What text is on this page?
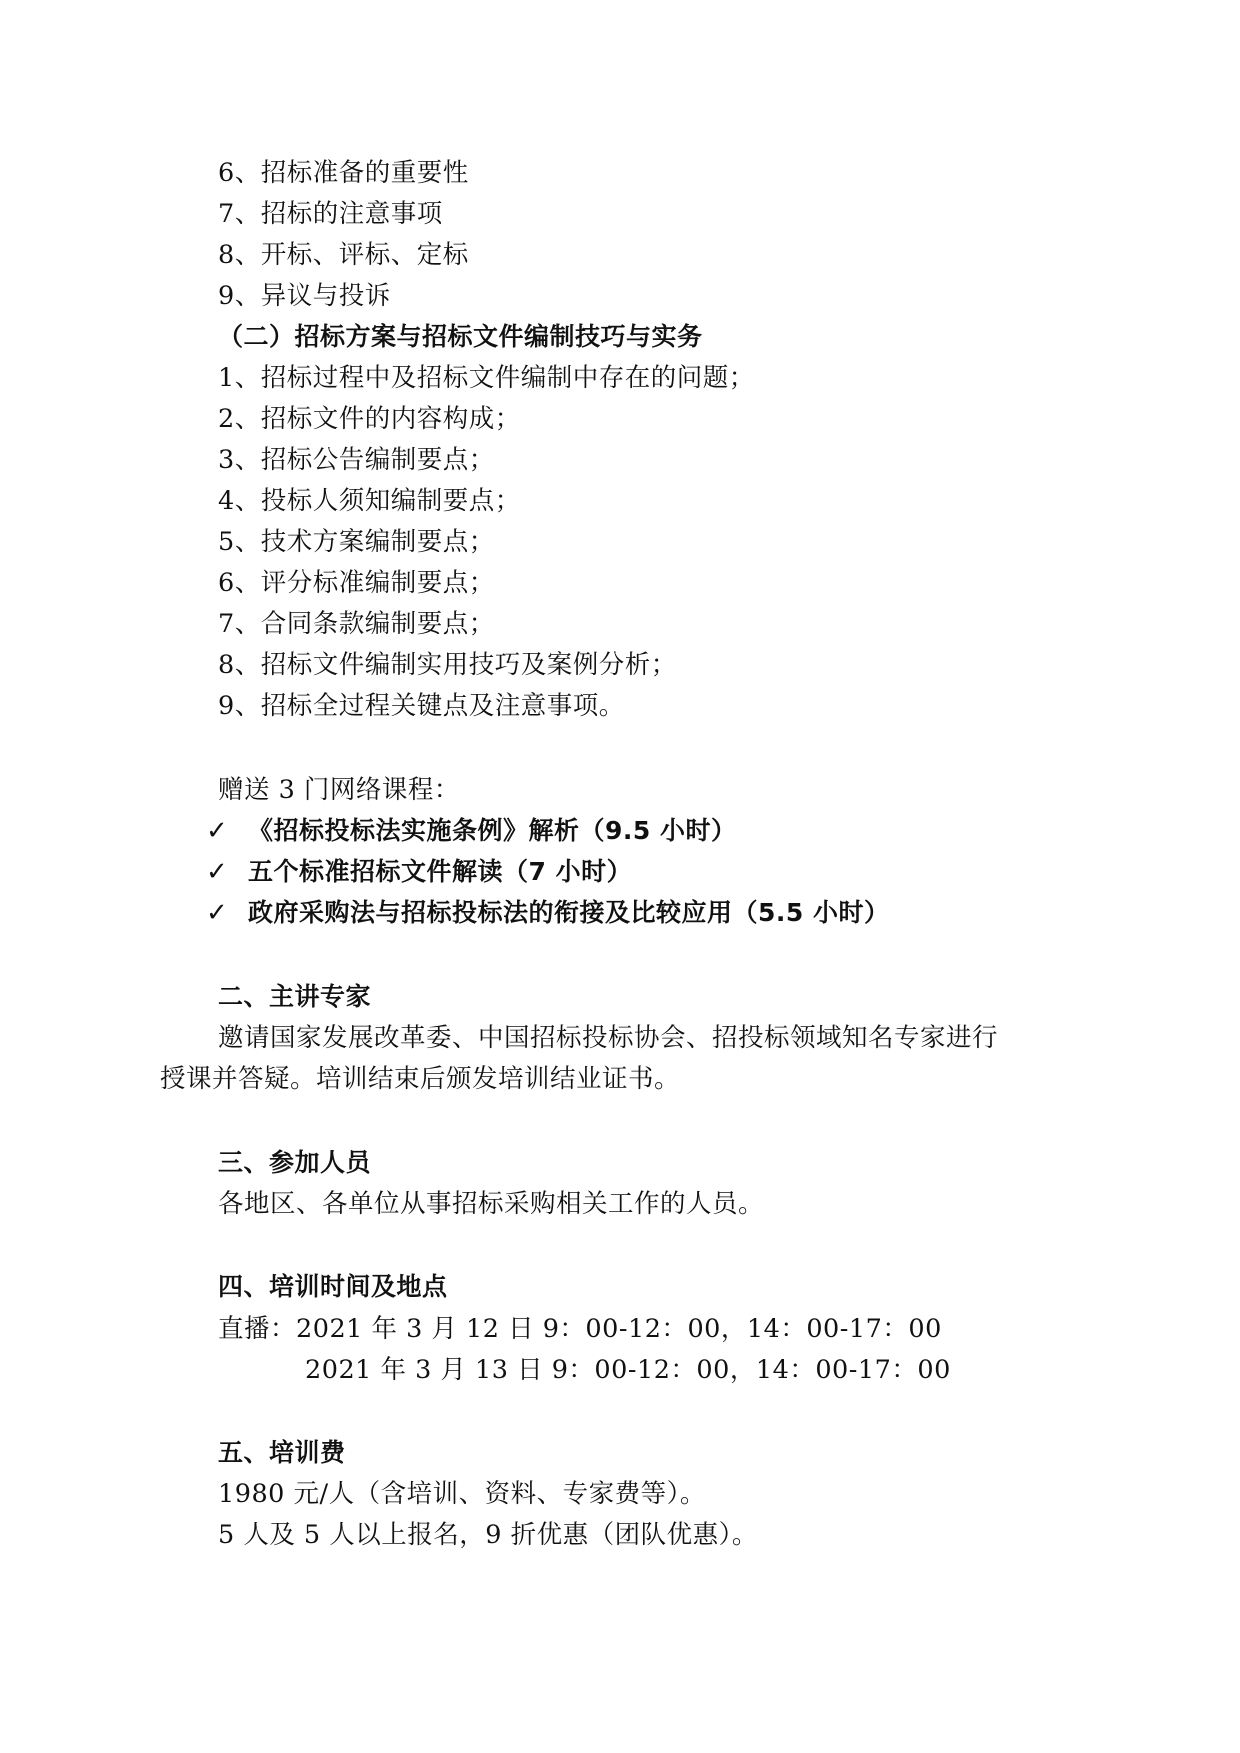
6、招标准备的重要性
7、招标的注意事项
8、开标、评标、定标
9、异议与投诉
（二）招标方案与招标文件编制技巧与实务
1、招标过程中及招标文件编制中存在的问题；
2、招标文件的内容构成；
3、招标公告编制要点；
4、投标人须知编制要点；
5、技术方案编制要点；
6、评分标准编制要点；
7、合同条款编制要点；
8、招标文件编制实用技巧及案例分析；
9、招标全过程关键点及注意事项。
赠送 3 门网络课程：
✓ 《招标投标法实施条例》解析（9.5 小时）
✓ 五个标准招标文件解读（7 小时）
✓ 政府采购法与招标投标法的衔接及比较应用（5.5 小时）
二、主讲专家
邀请国家发展改革委、中国招标投标协会、招投标领域知名专家进行
授课并答疑。培训结束后颁发培训结业证书。
三、参加人员
各地区、各单位从事招标采购相关工作的人员。
四、培训时间及地点
直播：2021 年 3 月 12 日 9：00-12：00，14：00-17：00
2021 年 3 月 13 日 9：00-12：00，14：00-17：00
五、培训费
1980 元/人（含培训、资料、专家费等）。
5 人及 5 人以上报名，9 折优惠（团队优惠）。
